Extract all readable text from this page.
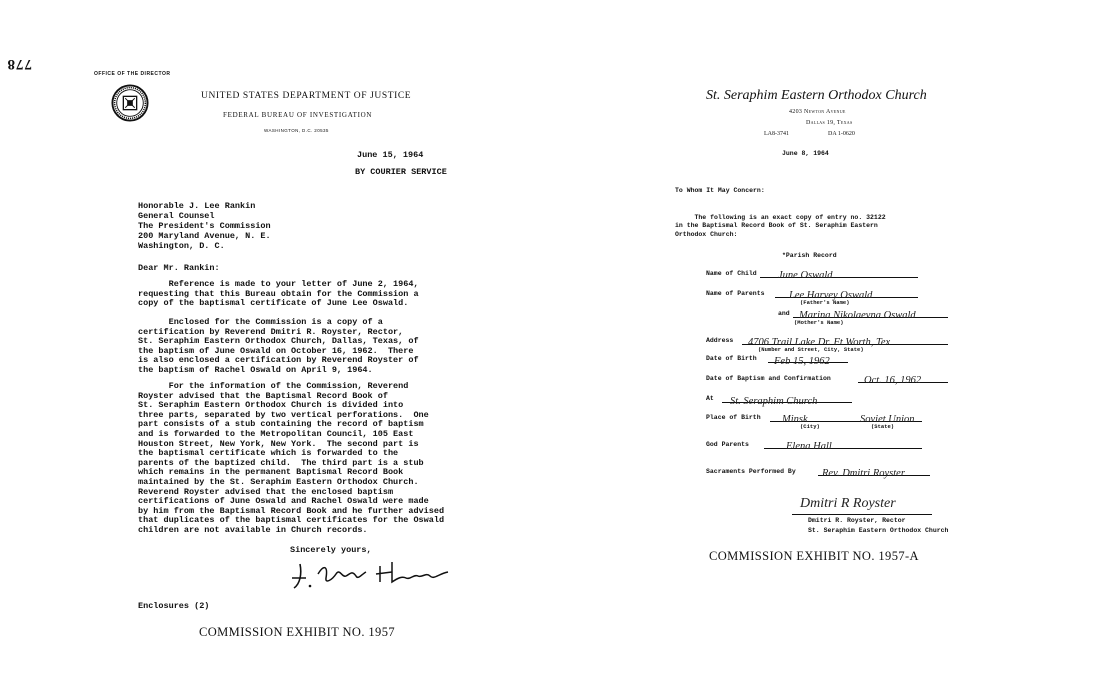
778
OFFICE OF THE DIRECTOR
UNITED STATES DEPARTMENT OF JUSTICE
FEDERAL BUREAU OF INVESTIGATION
WASHINGTON, D.C. 20535
June 15, 1964
BY COURIER SERVICE
Honorable J. Lee Rankin
General Counsel
The President's Commission
200 Maryland Avenue, N. E.
Washington, D. C.
Dear Mr. Rankin:
Reference is made to your letter of June 2, 1964,
requesting that this Bureau obtain for the Commission a
copy of the baptismal certificate of June Lee Oswald.
Enclosed for the Commission is a copy of a
certification by Reverend Dmitri R. Royster, Rector,
St. Seraphim Eastern Orthodox Church, Dallas, Texas, of
the baptism of June Oswald on October 16, 1962.  There
is also enclosed a certification by Reverend Royster of
the baptism of Rachel Oswald on April 9, 1964.
For the information of the Commission, Reverend
Royster advised that the Baptismal Record Book of
St. Seraphim Eastern Orthodox Church is divided into
three parts, separated by two vertical perforations.  One
part consists of a stub containing the record of baptism
and is forwarded to the Metropolitan Council, 105 East
Houston Street, New York, New York.  The second part is
the baptismal certificate which is forwarded to the
parents of the baptized child.  The third part is a stub
which remains in the permanent Baptismal Record Book
maintained by the St. Seraphim Eastern Orthodox Church.
Reverend Royster advised that the enclosed baptism
certifications of June Oswald and Rachel Oswald were made
by him from the Baptismal Record Book and he further advised
that duplicates of the baptismal certificates for the Oswald
children are not available in Church records.
Sincerely yours,
Enclosures (2)
COMMISSION EXHIBIT NO. 1957
St. Seraphim Eastern Orthodox Church
4203 Newton Avenue
Dallas 19, Texas
LA8-3741	DA 1-0620
June 8, 1964
To Whom It May Concern:
The following is an exact copy of entry no. 32122
in the Baptismal Record Book of St. Seraphim Eastern
Orthodox Church:
*Parish Record
Name of Child	June Oswald
Name of Parents	Lee Harvey Oswald
(Father's Name)
and Marina Nikolaevna Oswald
(Mother's Name)
Address	4706 Trail Lake Dr. Ft Worth, Tex
(Number and Street, City, State)
Date of Birth	Feb 15, 1962
Date of Baptism and Confirmation	Oct. 16, 1962
At	St. Seraphim Church
Place of Birth	Minsk	Soviet Union
(City)	(State)
God Parents	Elena Hall
Sacraments Performed By	Rev. Dmitri Royster
Dmitri R Royster
Dmitri R. Royster, Rector
St. Seraphim Eastern Orthodox Church
COMMISSION EXHIBIT NO. 1957-A
